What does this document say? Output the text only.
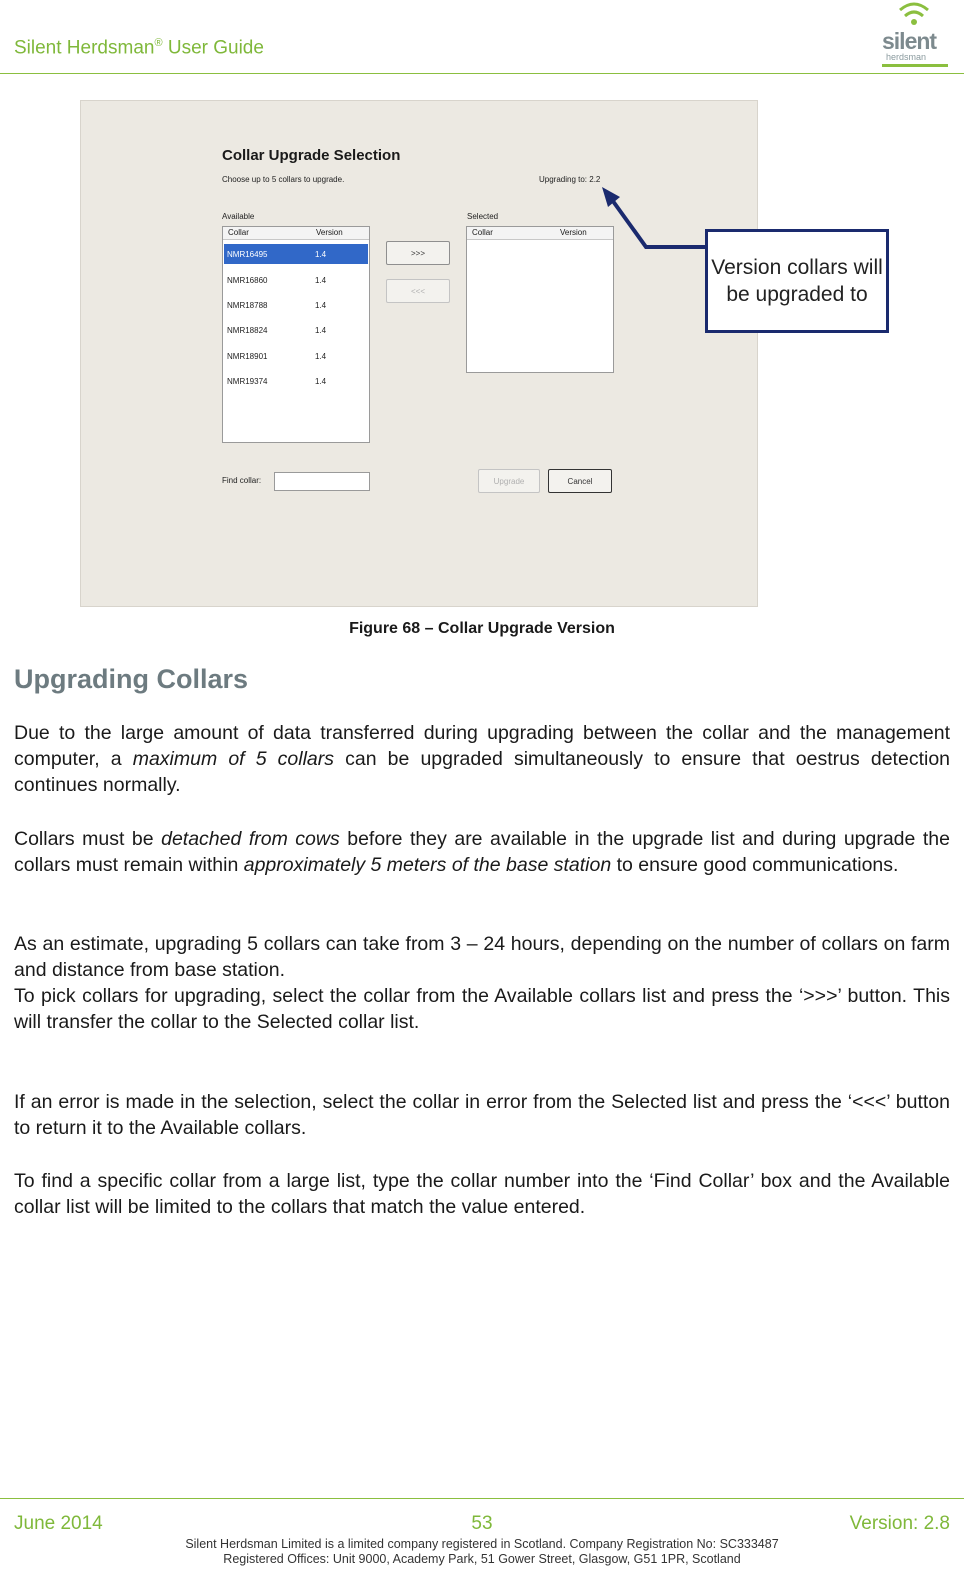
Silent Herdsman® User Guide	silent
herdsman
Collar Upgrade Selection
Choose up to 5 collars to upgrade.	Upgrading to: 2.2
Available	Selected
Collar	Version
NMR16495	1.4
NMR16860	1.4
NMR18788	1.4
NMR18824	1.4
NMR18901	1.4
NMR19374	1.4
>>>
<<<
Collar	Version
Find collar:	Upgrade	Cancel
Version collars will be upgraded to
Figure 68 – Collar Upgrade Version
Upgrading Collars

Due to the large amount of data transferred during upgrading between the collar and the management computer, a maximum of 5 collars can be upgraded simultaneously to ensure that oestrus detection continues normally.

Collars must be detached from cows before they are available in the upgrade list and during upgrade the collars must remain within approximately 5 meters of the base station to ensure good communications.

As an estimate, upgrading 5 collars can take from 3 – 24 hours, depending on the number of collars on farm and distance from base station.

To pick collars for upgrading, select the collar from the Available collars list and press the ‘>>>’ button. This will transfer the collar to the Selected collar list.

If an error is made in the selection, select the collar in error from the Selected list and press the ‘<<<’ button to return it to the Available collars.

To find a specific collar from a large list, type the collar number into the ‘Find Collar’ box and the Available collar list will be limited to the collars that match the value entered.

June 2014	53	Version: 2.8
Silent Herdsman Limited is a limited company registered in Scotland. Company Registration No: SC333487
Registered Offices: Unit 9000, Academy Park, 51 Gower Street, Glasgow, G51 1PR, Scotland
